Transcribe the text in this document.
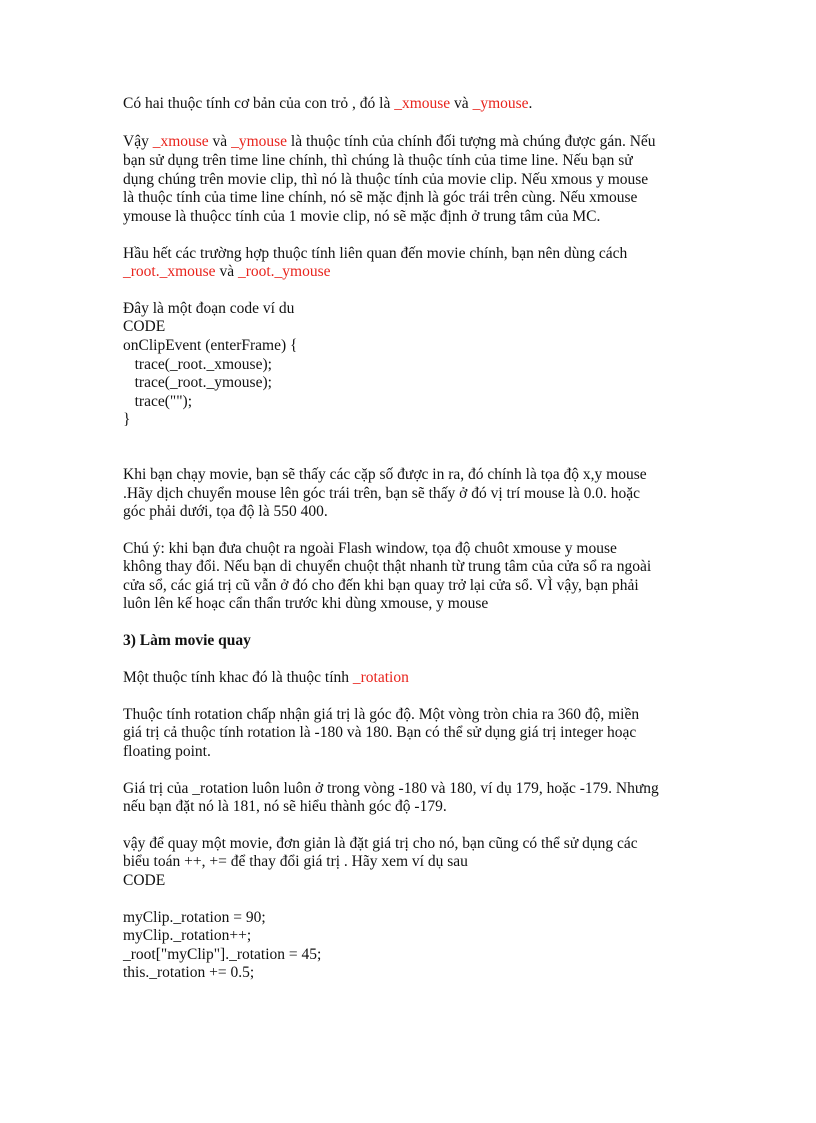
Có hai thuộc tính cơ bản của con trỏ , đó là _xmouse và _ymouse.
Vậy _xmouse và _ymouse là thuộc tính của chính đối tượng mà chúng được gán. Nếu
bạn sử dụng trên time line chính, thì chúng là thuộc tính của time line. Nếu bạn sử
dụng chúng trên movie clip, thì nó là thuộc tính của movie clip. Nếu xmous y mouse
là thuộc tính của time line chính, nó sẽ mặc định là góc trái trên cùng. Nếu xmouse
ymouse là thuộcc tính của 1 movie clip, nó sẽ mặc định ở trung tâm của MC.
Hầu hết các trường hợp thuộc tính liên quan đến movie chính, bạn nên dùng cách
_root._xmouse và _root._ymouse
Đây là một đoạn code ví du
CODE
onClipEvent (enterFrame) {
trace(_root._xmouse);
trace(_root._ymouse);
trace("");
}
Khi bạn chạy movie, bạn sẽ thấy các cặp số được in ra, đó chính là tọa độ x,y mouse
.Hãy dịch chuyển mouse lên góc trái trên, bạn sẽ thấy ở đó vị trí mouse là 0.0. hoặc
góc phải dưới, tọa độ là 550 400.
Chú ý: khi bạn đưa chuột ra ngoài Flash window, tọa độ chuôt xmouse y mouse
không thay đổi. Nếu bạn di chuyển chuột thật nhanh từ trung tâm của cửa sổ ra ngoài
cửa sổ, các giá trị cũ vẫn ở đó cho đến khi bạn quay trở lại cửa sổ. VÌ vậy, bạn phải
luôn lên kế hoạc cẩn thẩn trước khi dùng xmouse, y mouse
3) Làm movie quay
Một thuộc tính khac đó là thuộc tính _rotation
Thuộc tính rotation chấp nhận giá trị là góc độ. Một vòng tròn chia ra 360 độ, miền
giá trị cả thuộc tính rotation là -180 và 180. Bạn có thể sử dụng giá trị integer hoạc
floating point.
Giá trị của _rotation luôn luôn ở trong vòng -180 và 180, ví dụ 179, hoặc -179. Nhưng
nếu bạn đặt nó là 181, nó sẽ hiểu thành góc độ -179.
vậy để quay một movie, đơn giản là đặt giá trị cho nó, bạn cũng có thể sử dụng các
biểu toán ++, += để thay đổi giá trị . Hãy xem ví dụ sau
CODE
myClip._rotation = 90;
myClip._rotation++;
_root["myClip"]._rotation = 45;
this._rotation += 0.5;
